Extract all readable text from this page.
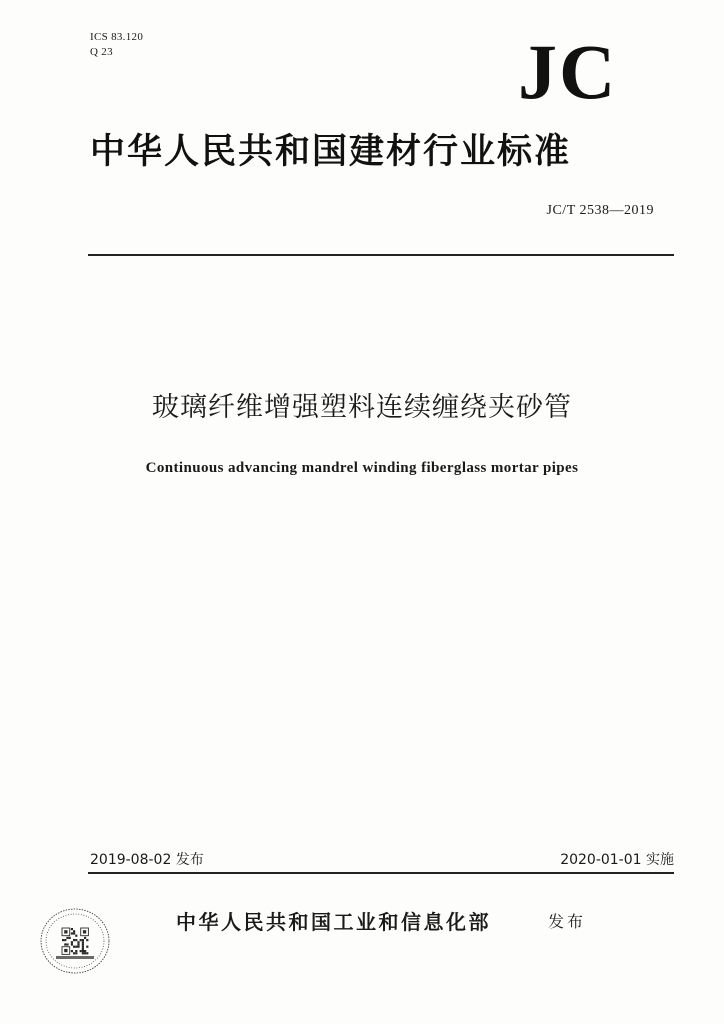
ICS 83.120
Q 23	JC
中华人民共和国建材行业标准
JC/T 2538—2019
玻璃纤维增强塑料连续缠绕夹砂管
Continuous advancing mandrel winding fiberglass mortar pipes
2019-08-02 发布	2020-01-01 实施
中华人民共和国工业和信息化部	发布
